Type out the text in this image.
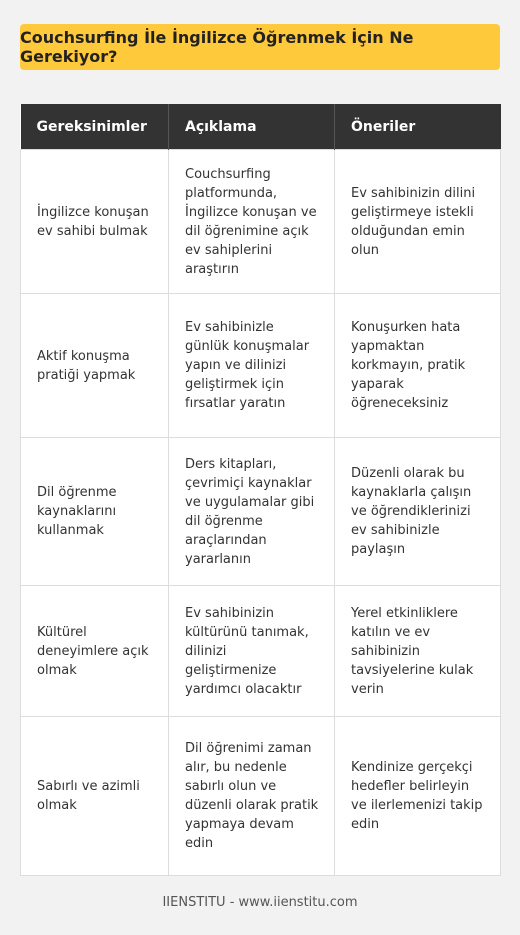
Couchsurfing İle İngilizce Öğrenmek İçin Ne Gerekiyor?
Gereksinimler	Açıklama	Öneriler
İngilizce konuşan ev sahibi bulmak	Couchsurfing platformunda, İngilizce konuşan ve dil öğrenimine açık ev sahiplerini araştırın	Ev sahibinizin dilini geliştirmeye istekli olduğundan emin olun
Aktif konuşma pratiği yapmak	Ev sahibinizle günlük konuşmalar yapın ve dilinizi geliştirmek için fırsatlar yaratın	Konuşurken hata yapmaktan korkmayın, pratik yaparak öğreneceksiniz
Dil öğrenme kaynaklarını kullanmak	Ders kitapları, çevrimiçi kaynaklar ve uygulamalar gibi dil öğrenme araçlarından yararlanın	Düzenli olarak bu kaynaklarla çalışın ve öğrendiklerinizi ev sahibinizle paylaşın
Kültürel deneyimlere açık olmak	Ev sahibinizin kültürünü tanımak, dilinizi geliştirmenize yardımcı olacaktır	Yerel etkinliklere katılın ve ev sahibinizin tavsiyelerine kulak verin
Sabırlı ve azimli olmak	Dil öğrenimi zaman alır, bu nedenle sabırlı olun ve düzenli olarak pratik yapmaya devam edin	Kendinize gerçekçi hedefler belirleyin ve ilerlemenizi takip edin
IIENSTITU - www.iienstitu.com
